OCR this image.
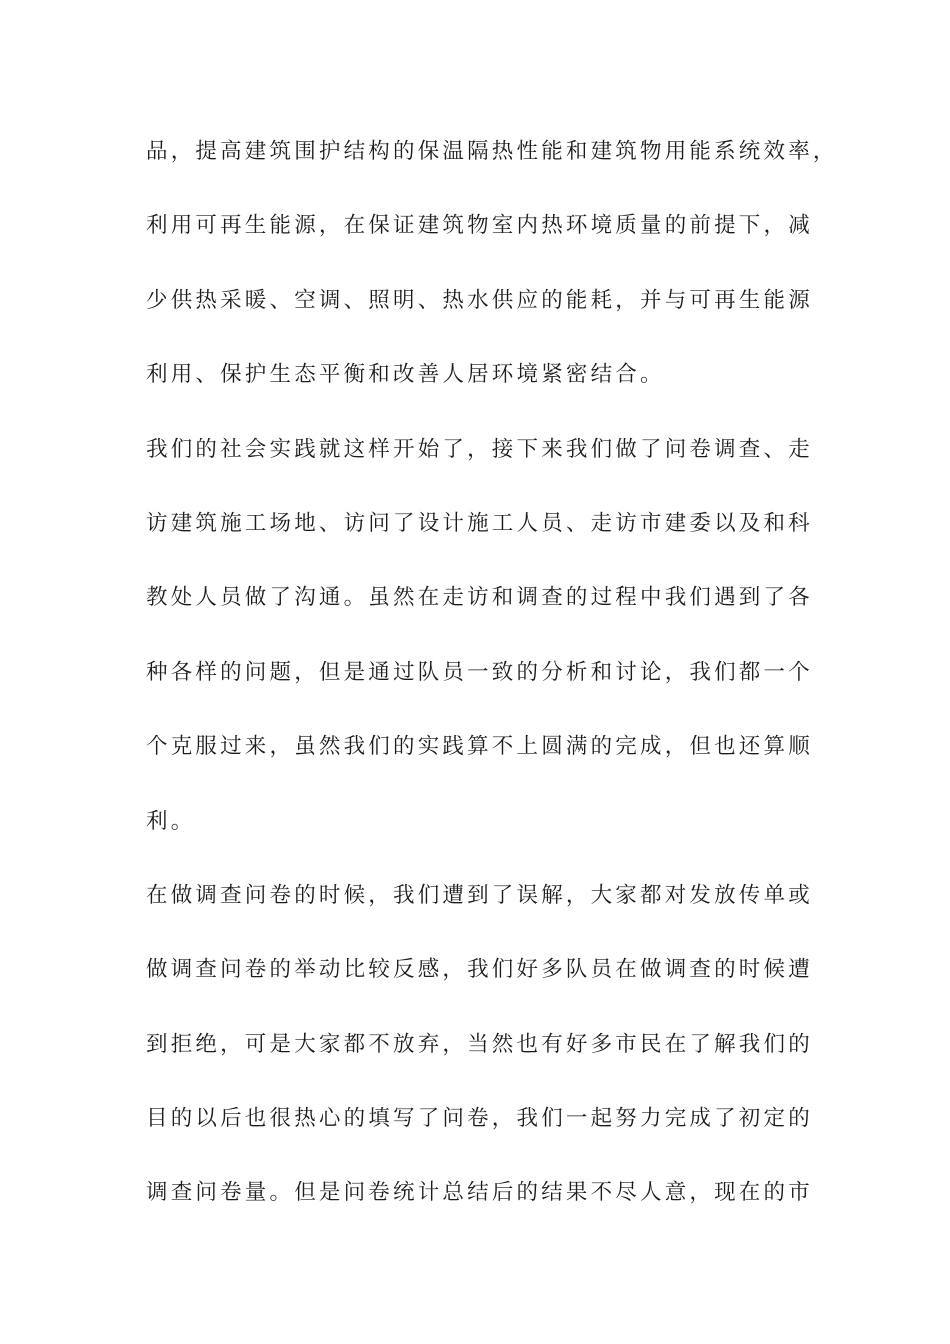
品，提高建筑围护结构的保温隔热性能和建筑物用能系统效率，
利用可再生能源，在保证建筑物室内热环境质量的前提下，减
少供热采暖、空调、照明、热水供应的能耗，并与可再生能源
利用、保护生态平衡和改善人居环境紧密结合。
我们的社会实践就这样开始了，接下来我们做了问卷调查、走
访建筑施工场地、访问了设计施工人员、走访市建委以及和科
教处人员做了沟通。虽然在走访和调查的过程中我们遇到了各
种各样的问题，但是通过队员一致的分析和讨论，我们都一个
个克服过来，虽然我们的实践算不上圆满的完成，但也还算顺
利。
在做调查问卷的时候，我们遭到了误解，大家都对发放传单或
做调查问卷的举动比较反感，我们好多队员在做调查的时候遭
到拒绝，可是大家都不放弃，当然也有好多市民在了解我们的
目的以后也很热心的填写了问卷，我们一起努力完成了初定的
调查问卷量。但是问卷统计总结后的结果不尽人意，现在的市
